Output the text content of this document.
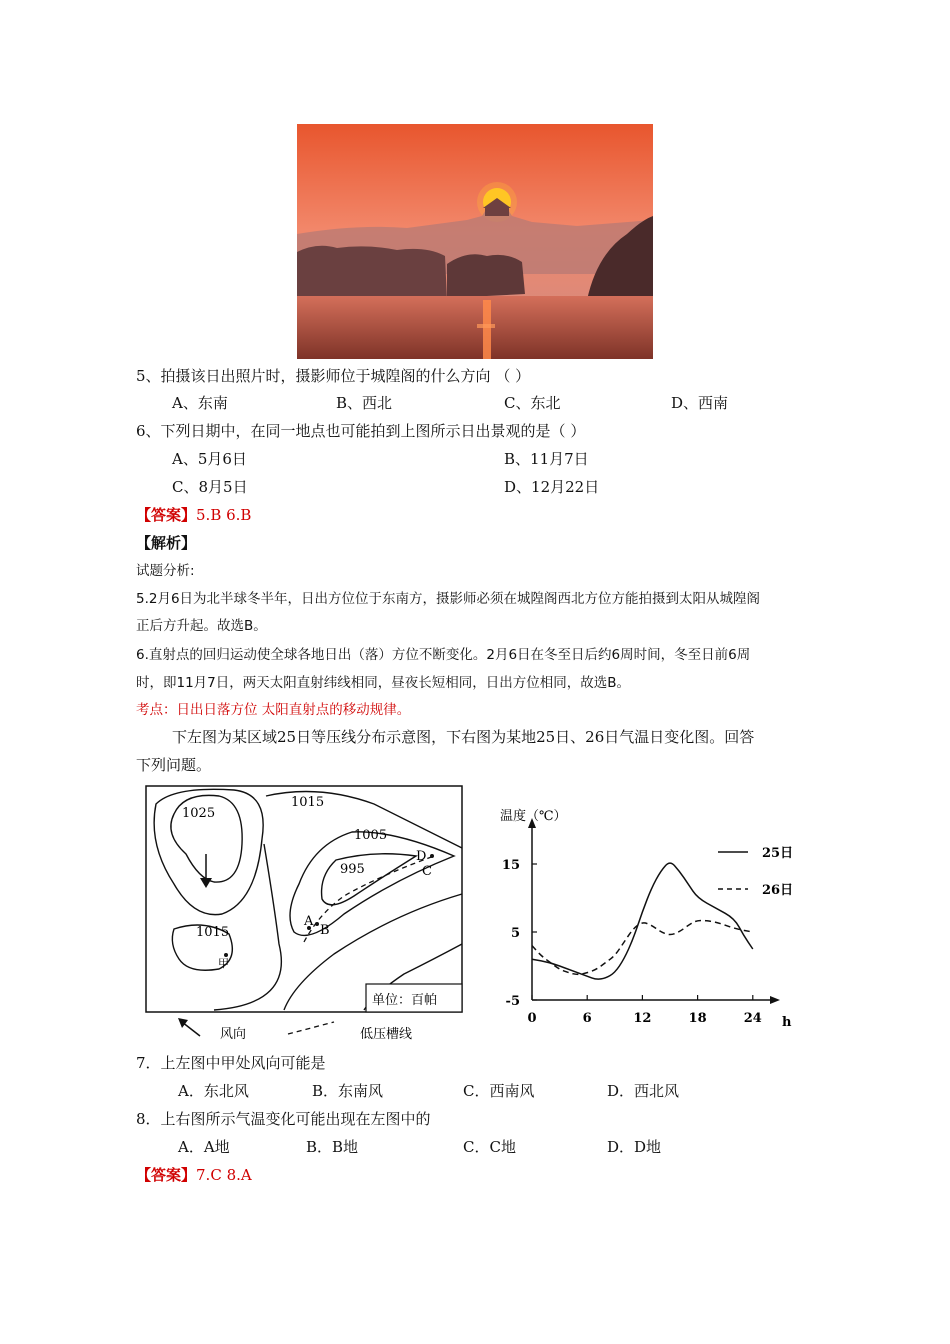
5、拍摄该日出照片时，摄影师位于城隍阁的什么方向 （ ）
A、东南	B、西北	C、东北	D、西南
6、下列日期中，在同一地点也可能拍到上图所示日出景观的是（ ）
A、5月6日	B、11月7日
C、8月5日	D、12月22日
【答案】5.B 6.B
【解析】
试题分析:
5.2月6日为北半球冬半年，日出方位位于东南方，摄影师必须在城隍阁西北方位方能拍摄到太阳从城隍阁
正后方升起。故选B。
6.直射点的回归运动使全球各地日出（落）方位不断变化。2月6日在冬至日后约6周时间，冬至日前6周
时，即11月7日，两天太阳直射纬线相同，昼夜长短相同，日出方位相同，故选B。
考点：日出日落方位 太阳直射点的移动规律。
下左图为某区域25日等压线分布示意图，下右图为某地25日、26日气温日变化图。回答
下列问题。
1025
1015
1005
995
1015
A
B
C
D
甲
单位：百帕
风向	低压槽线
0	6	12	18	24
-5
5
15
温度（℃）
h
25日
26日
7．上左图中甲处风向可能是
A．东北风	B．东南风	C．西南风	D．西北风
8．上右图所示气温变化可能出现在左图中的
A．A地	B．B地	C．C地	D．D地
【答案】7.C 8.A
